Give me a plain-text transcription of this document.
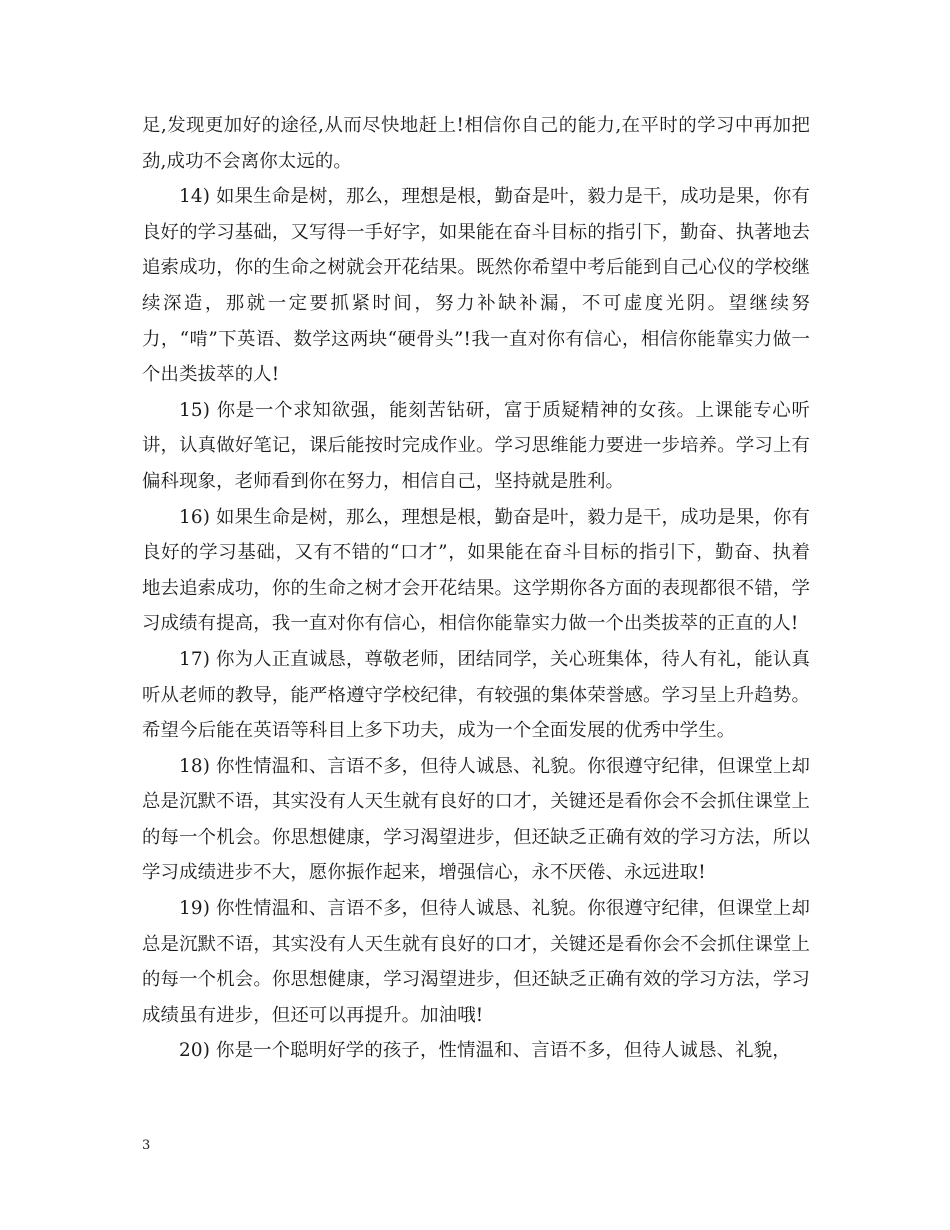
足,发现更加好的途径,从而尽快地赶上!相信你自己的能力,在平时的学习中再加把劲,成功不会离你太远的。

14) 如果生命是树，那么，理想是根，勤奋是叶，毅力是干，成功是果，你有良好的学习基础，又写得一手好字，如果能在奋斗目标的指引下，勤奋、执著地去追索成功，你的生命之树就会开花结果。既然你希望中考后能到自己心仪的学校继续深造，那就一定要抓紧时间，努力补缺补漏，不可虚度光阴。望继续努力，“啃”下英语、数学这两块“硬骨头”!我一直对你有信心，相信你能靠实力做一个出类拔萃的人!

15) 你是一个求知欲强，能刻苦钻研，富于质疑精神的女孩。上课能专心听讲，认真做好笔记，课后能按时完成作业。学习思维能力要进一步培养。学习上有偏科现象，老师看到你在努力，相信自己，坚持就是胜利。

16) 如果生命是树，那么，理想是根，勤奋是叶，毅力是干，成功是果，你有良好的学习基础，又有不错的“口才”，如果能在奋斗目标的指引下，勤奋、执着地去追索成功，你的生命之树才会开花结果。这学期你各方面的表现都很不错，学习成绩有提高，我一直对你有信心，相信你能靠实力做一个出类拔萃的正直的人!

17) 你为人正直诚恳，尊敬老师，团结同学，关心班集体，待人有礼，能认真听从老师的教导，能严格遵守学校纪律，有较强的集体荣誉感。学习呈上升趋势。希望今后能在英语等科目上多下功夫，成为一个全面发展的优秀中学生。

18) 你性情温和、言语不多，但待人诚恳、礼貌。你很遵守纪律，但课堂上却总是沉默不语，其实没有人天生就有良好的口才，关键还是看你会不会抓住课堂上的每一个机会。你思想健康，学习渴望进步，但还缺乏正确有效的学习方法，所以学习成绩进步不大，愿你振作起来，增强信心，永不厌倦、永远进取!

19) 你性情温和、言语不多，但待人诚恳、礼貌。你很遵守纪律，但课堂上却总是沉默不语，其实没有人天生就有良好的口才，关键还是看你会不会抓住课堂上的每一个机会。你思想健康，学习渴望进步，但还缺乏正确有效的学习方法，学习成绩虽有进步，但还可以再提升。加油哦!

20) 你是一个聪明好学的孩子，性情温和、言语不多，但待人诚恳、礼貌，

3
